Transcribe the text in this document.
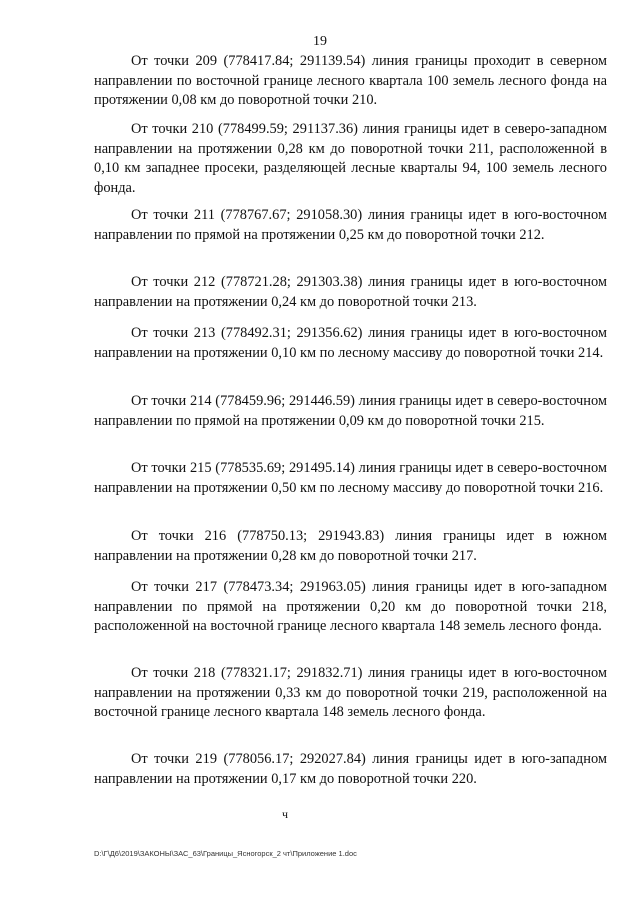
19

От точки 209 (778417.84; 291139.54) линия границы проходит в северном направлении по восточной границе лесного квартала 100 земель лесного фонда на протяжении 0,08 км до поворотной точки 210.

От точки 210 (778499.59; 291137.36) линия границы идет в северо-западном направлении на протяжении 0,28 км до поворотной точки 211, расположенной в 0,10 км западнее просеки, разделяющей лесные кварталы 94, 100 земель лесного фонда.

От точки 211 (778767.67; 291058.30) линия границы идет в юго-восточном направлении по прямой на протяжении 0,25 км до поворотной точки 212.

От точки 212 (778721.28; 291303.38) линия границы идет в юго-восточном направлении на протяжении 0,24 км до поворотной точки 213.

От точки 213 (778492.31; 291356.62) линия границы идет в юго-восточном направлении на протяжении 0,10 км по лесному массиву до поворотной точки 214.

От точки 214 (778459.96; 291446.59) линия границы идет в северо-восточном направлении по прямой на протяжении 0,09 км до поворотной точки 215.

От точки 215 (778535.69; 291495.14) линия границы идет в северо-восточном направлении на протяжении 0,50 км по лесному массиву до поворотной точки 216.

От точки 216 (778750.13; 291943.83) линия границы идет в южном направлении на протяжении 0,28 км до поворотной точки 217.

От точки 217 (778473.34; 291963.05) линия границы идет в юго-западном направлении по прямой на протяжении 0,20 км до поворотной точки 218, расположенной на восточной границе лесного квартала 148 земель лесного фонда.

От точки 218 (778321.17; 291832.71) линия границы идет в юго-восточном направлении на протяжении 0,33 км до поворотной точки 219, расположенной на восточной границе лесного квартала 148 земель лесного фонда.

От точки 219 (778056.17; 292027.84) линия границы идет в юго-западном направлении на протяжении 0,17 км до поворотной точки 220.

ч
D:\Г\Д6\2019\ЗАКОНЫ\ЗАС_63\Границы_Ясногорск_2 чт\Приложение 1.doc
